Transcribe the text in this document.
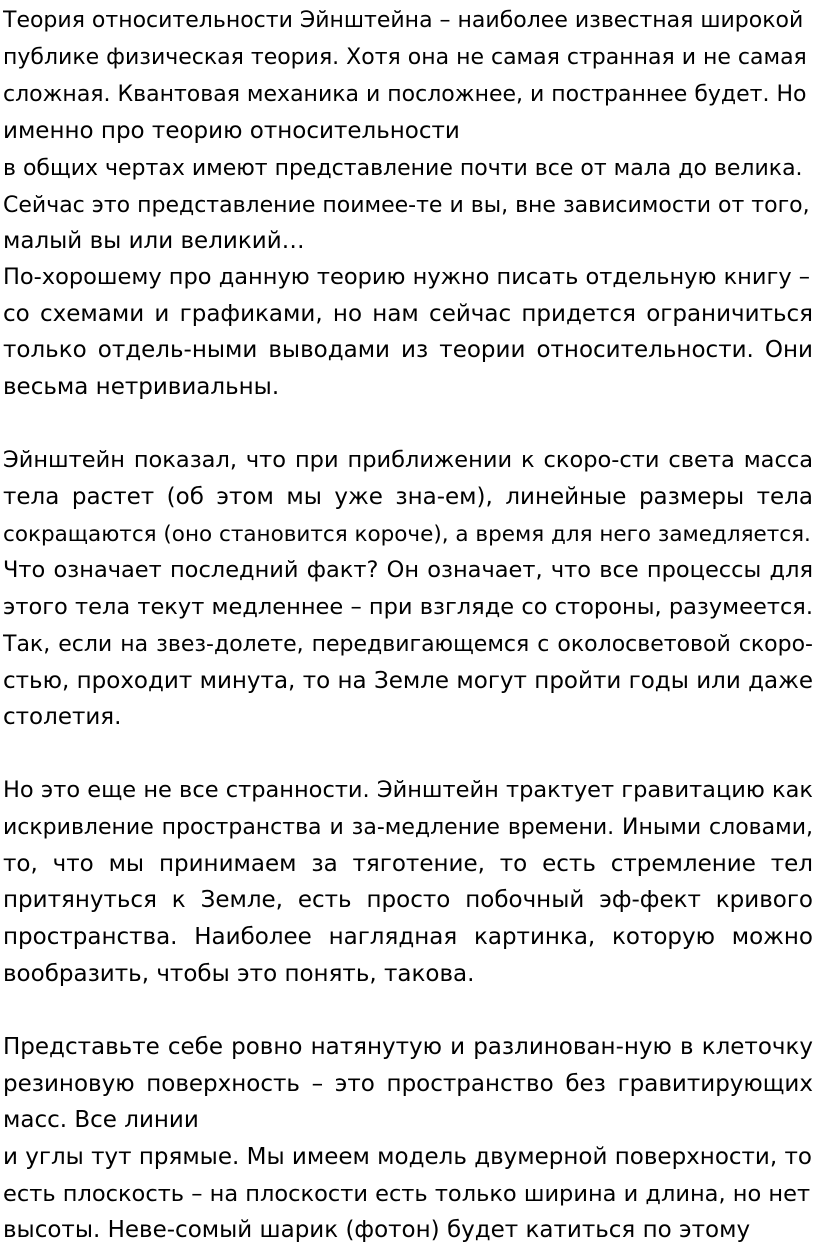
Теория относительности Эйнштейна – наиболее известная широкой
публике физическая теория. Хотя она не самая странная и не самая
сложная. Квантовая механика и посложнее, и постраннее будет. Но
именно про теорию относительности
в общих чертах имеют представление почти все от мала до велика.
Сейчас это представление поимее-те и вы, вне зависимости от того,
малый вы или великий…
По-хорошему про данную теорию нужно писать отдельную книгу –
со схемами и графиками, но нам сейчас придется ограничиться
только отдель-ными выводами из теории относительности. Они
весьма нетривиальны.
Эйнштейн показал, что при приближении к скоро-сти света масса
тела растет (об этом мы уже зна-ем), линейные размеры тела
сокращаются (оно становится короче), а время для него замедляется.
Что означает последний факт? Он означает, что все процессы для
этого тела текут медленнее – при взгляде со стороны, разумеется.
Так, если на звез-долете, передвигающемся с околосветовой скоро-
стью, проходит минута, то на Земле могут пройти годы или даже
столетия.
Но это еще не все странности. Эйнштейн трактует гравитацию как
искривление пространства и за-медление времени. Иными словами,
то, что мы принимаем за тяготение, то есть стремление тел
притянуться к Земле, есть просто побочный эф-фект кривого
пространства. Наиболее наглядная картинка, которую можно
вообразить, чтобы это понять, такова.
Представьте себе ровно натянутую и разлинован-ную в клеточку
резиновую поверхность – это пространство без гравитирующих
масс. Все линии
и углы тут прямые. Мы имеем модель двумерной поверхности, то
есть плоскость – на плоскости есть только ширина и длина, но нет
высоты. Неве-сомый шарик (фотон) будет катиться по этому
